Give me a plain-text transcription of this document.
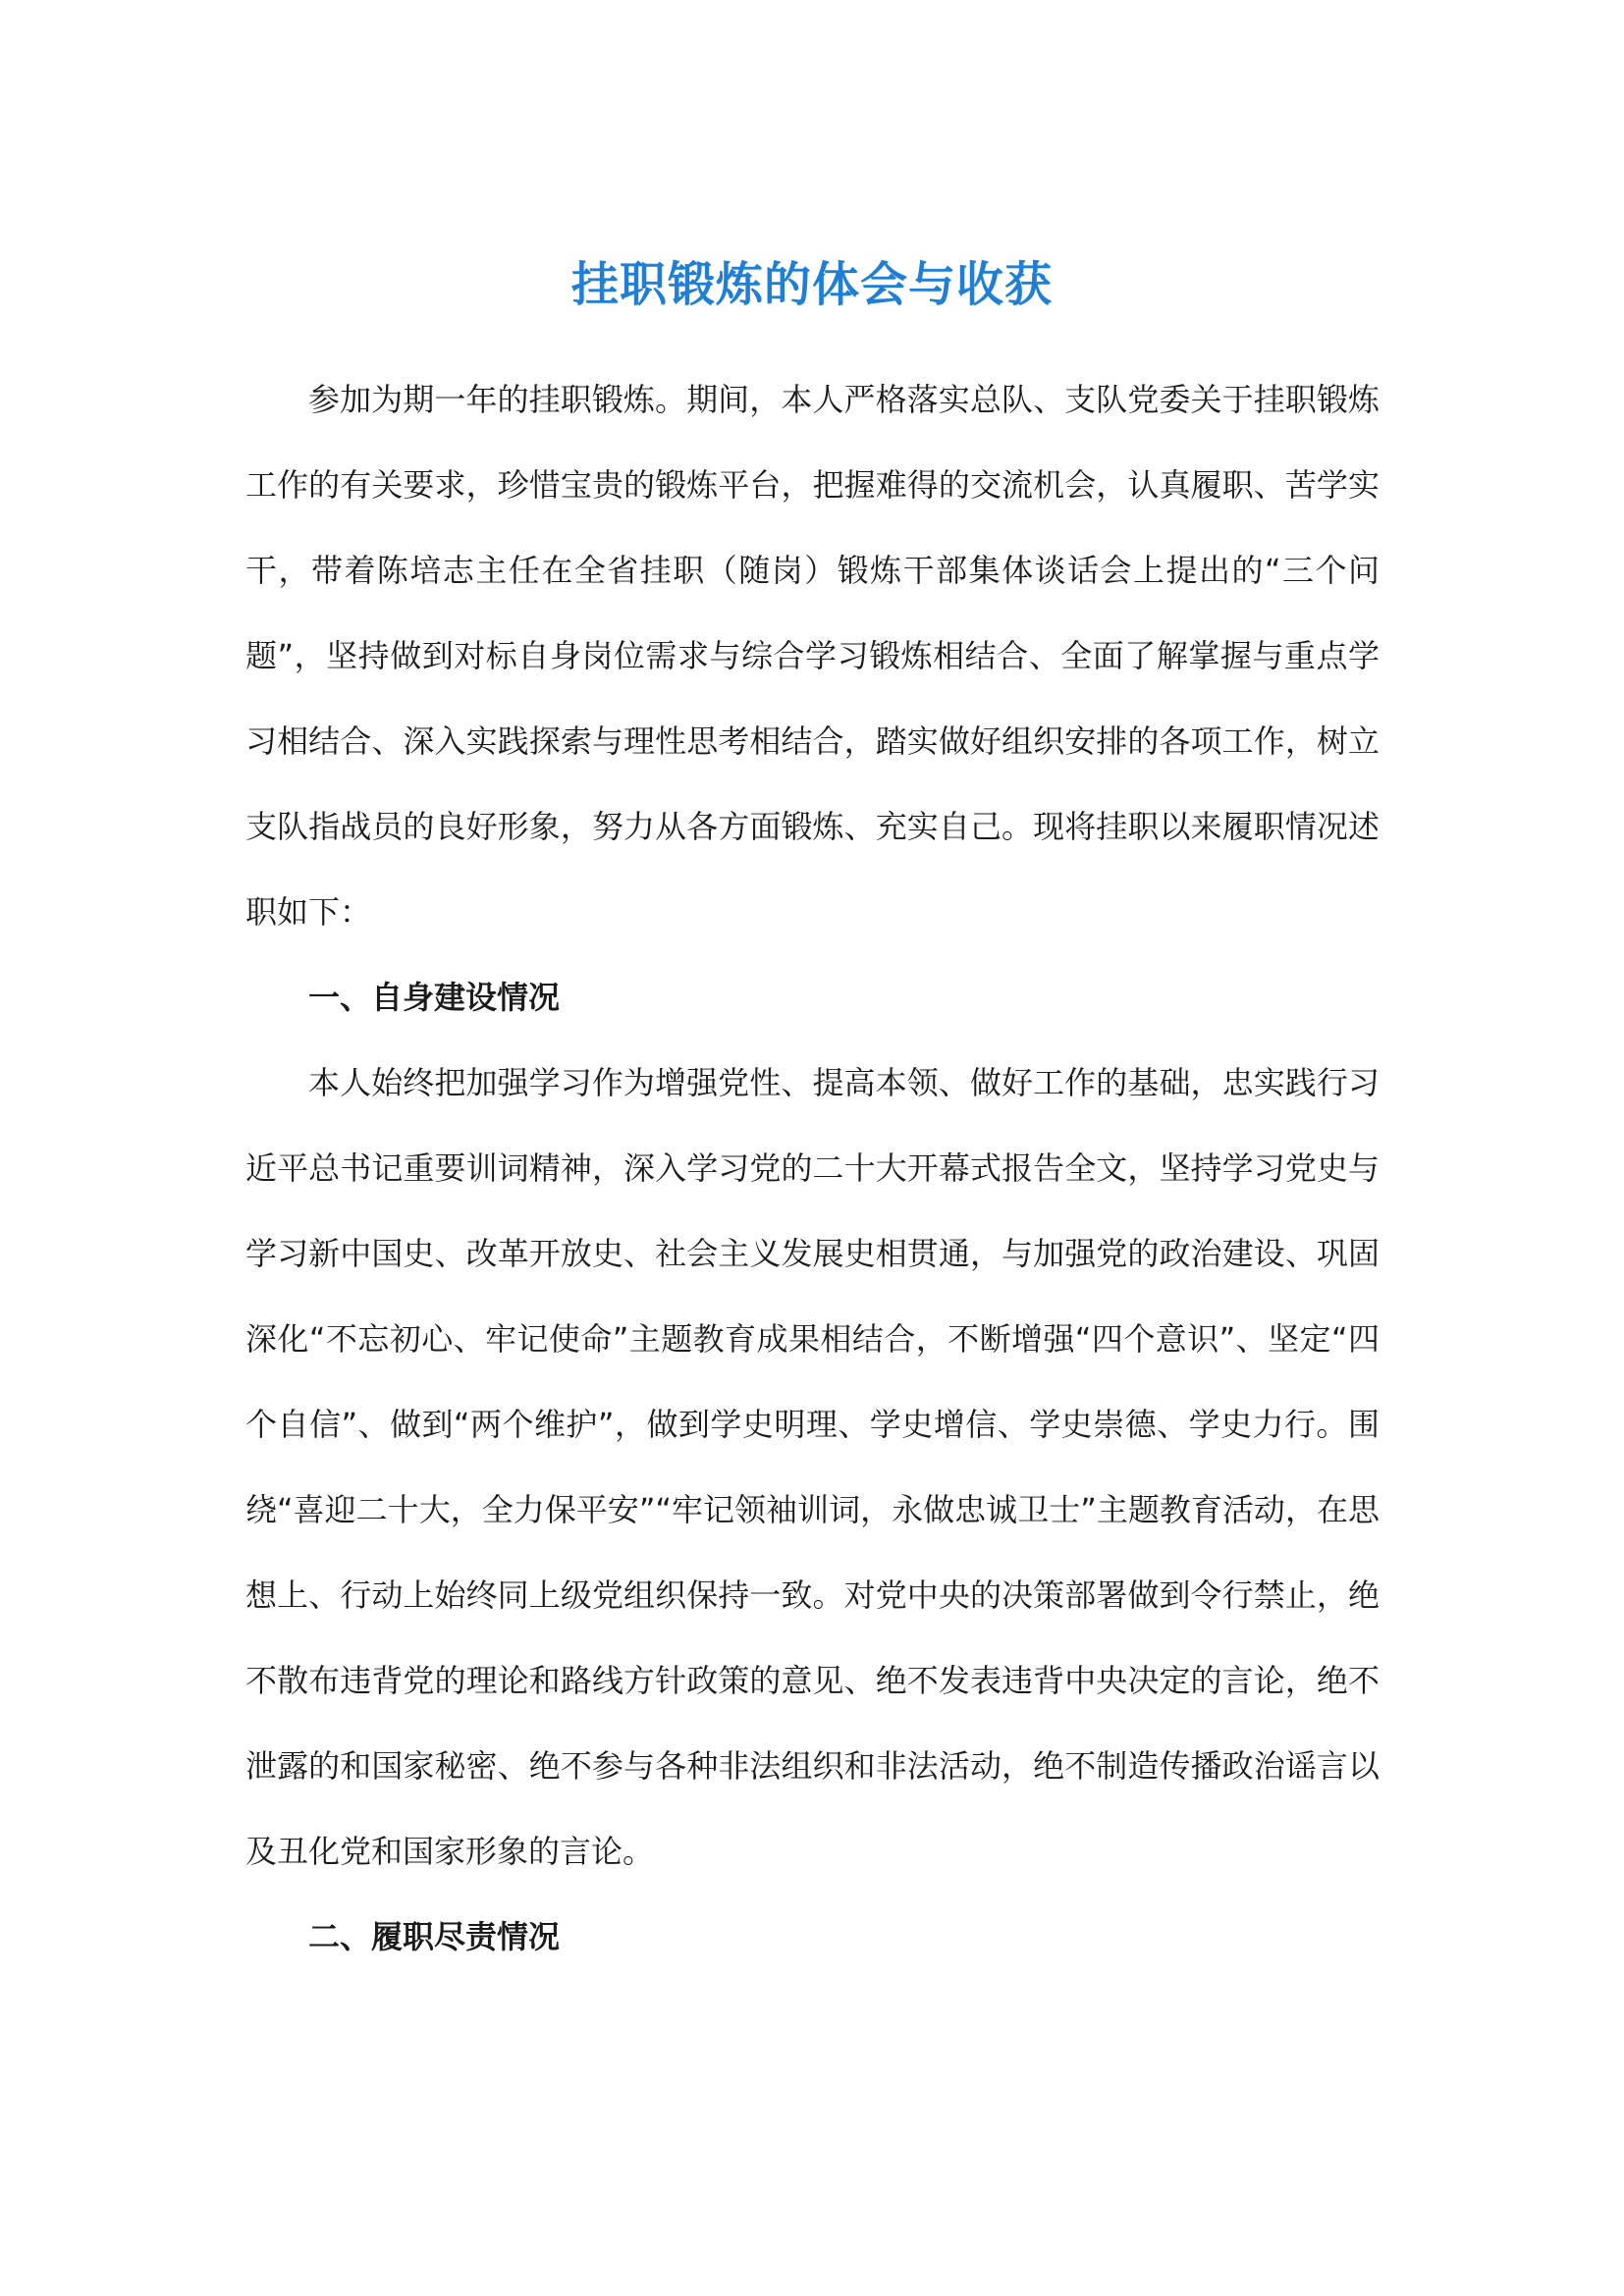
挂职锻炼的体会与收获

参加为期一年的挂职锻炼。期间，本人严格落实总队、支队党委关于挂职锻炼工作的有关要求，珍惜宝贵的锻炼平台，把握难得的交流机会，认真履职、苦学实干，带着陈培志主任在全省挂职（随岗）锻炼干部集体谈话会上提出的“三个问题”，坚持做到对标自身岗位需求与综合学习锻炼相结合、全面了解掌握与重点学习相结合、深入实践探索与理性思考相结合，踏实做好组织安排的各项工作，树立支队指战员的良好形象，努力从各方面锻炼、充实自己。现将挂职以来履职情况述职如下：

一、自身建设情况

本人始终把加强学习作为增强党性、提高本领、做好工作的基础，忠实践行习近平总书记重要训词精神，深入学习党的二十大开幕式报告全文，坚持学习党史与学习新中国史、改革开放史、社会主义发展史相贯通，与加强党的政治建设、巩固深化“不忘初心、牢记使命”主题教育成果相结合，不断增强“四个意识”、坚定“四个自信”、做到“两个维护”，做到学史明理、学史增信、学史崇德、学史力行。围绕“喜迎二十大，全力保平安”“牢记领袖训词，永做忠诚卫士”主题教育活动，在思想上、行动上始终同上级党组织保持一致。对党中央的决策部署做到令行禁止，绝不散布违背党的理论和路线方针政策的意见、绝不发表违背中央决定的言论，绝不泄露的和国家秘密、绝不参与各种非法组织和非法活动，绝不制造传播政治谣言以及丑化党和国家形象的言论。

二、履职尽责情况
